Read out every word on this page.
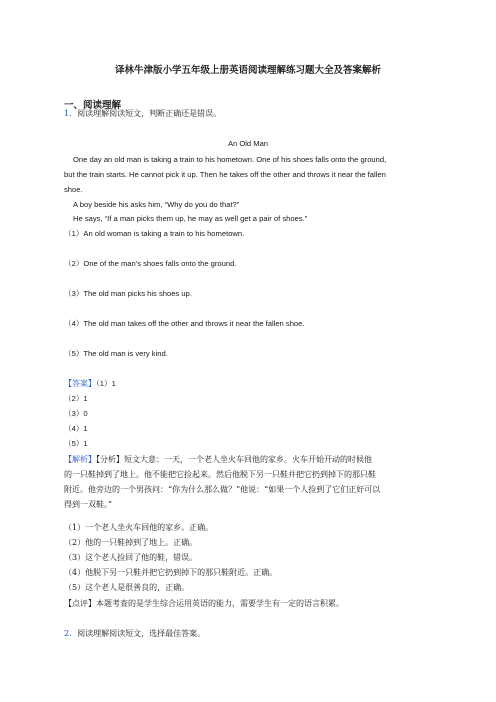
译林牛津版小学五年级上册英语阅读理解练习题大全及答案解析
一、阅读理解
1．阅读理解阅读短文，判断正确还是错误。
An Old Man
One day an old man is taking a train to his hometown. One of his shoes falls onto the ground,
but the train starts. He cannot pick it up. Then he takes off the other and throws it near the fallen
shoe.
A boy beside his asks him, “Why do you do that?”
He says, “If a man picks them up, he may as well get a pair of shoes.”
（1）An old woman is taking a train to his hometown.
（2）One of the man's shoes falls onto the ground.
（3）The old man picks his shoes up.
（4）The old man takes off the other and throws it near the fallen shoe.
（5）The old man is very kind.
【答案】（1）1
（2）1
（3）0
（4）1
（5）1
【解析】【分析】短文大意：一天，一个老人坐火车回他的家乡。火车开始开动的时候他
的一只鞋掉到了地上。他不能把它捡起来。然后他脱下另一只鞋并把它扔到掉下的那只鞋
附近。他旁边的一个男孩问：“你为什么那么做？”他说：“如果一个人捡到了它们正好可以
得到一双鞋。”
（1）一个老人坐火车回他的家乡。正确。
（2）他的一只鞋掉到了地上。正确。
（3）这个老人捡回了他的鞋，错误。
（4）他脱下另一只鞋并把它扔到掉下的那只鞋附近。正确。
（5）这个老人是很善良的，正确。
【点评】本题考查的是学生综合运用英语的能力，需要学生有一定的语言积累。
2．阅读理解阅读短文，选择最佳答案。
